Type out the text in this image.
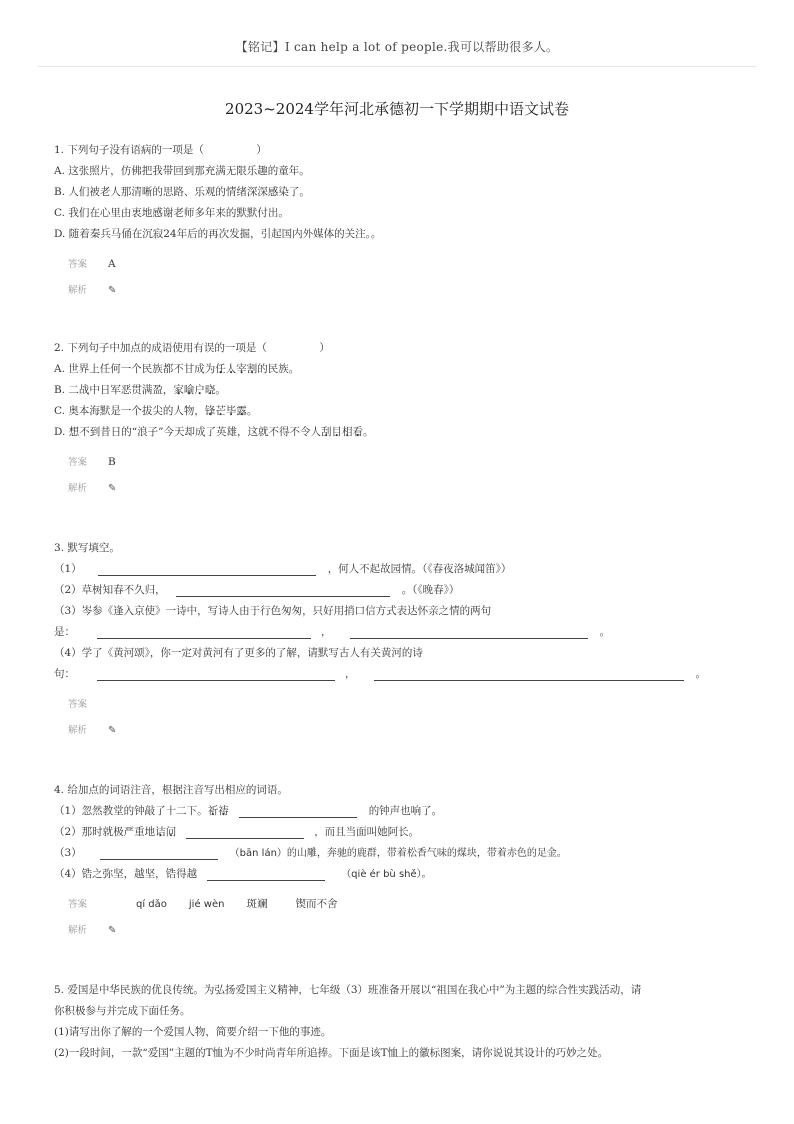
【铭记】I can help a lot of people.我可以帮助很多人。
2023~2024学年河北承德初一下学期期中语文试卷
1. 下列句子没有语病的一项是（　　　　　）
A. 这张照片，仿佛把我带回到那充满无限乐趣的童年。
B. 人们被老人那清晰的思路、乐观的情绪深深感染了。
C. 我们在心里由衷地感谢老师多年来的默默付出。
D. 随着秦兵马俑在沉寂24年后的再次发掘，引起国内外媒体的关注。。
答案 A
解析 ✎
2. 下列句子中加点的成语使用有误的一项是（　　　　　）
A. 世界上任何一个民族都不甘成为任 •人 •宰 •割 •的民族。
B. 二战中日军恶贯满盈，家 •喻 •户 •晓 •。
C. 奥本海默是一个拔尖的人物，锋 •芒 •毕 •露 •。
D. 想不到昔日的“浪子”今天却成了英雄，这就不得不令人刮 •目 •相 •看 •。
答案 B
解析 ✎
3. 默写填空。
（1）	，何人不起故园情。（《春夜洛城闻笛》）
（2）草树知春不久归，	。（《晚春》）
（3）岑参《逢入京使》一诗中，写诗人由于行色匆匆，只好用捎口信方式表达怀亲之情的两句
是：	，	。
（4）学了《黄河颂》，你一定对黄河有了更多的了解，请默写古人有关黄河的诗
句：	，	。
答案
解析 ✎
4. 给加点的词语注音，根据注音写出相应的词语。
（1）忽然教堂的钟敲了十二下。祈 •祷 •	的钟声也响了。
（2）那时就极严重地诘 •问 •	，而且当面叫她阿长。
（3）	（bān lán）的山雕，奔驰的鹿群，带着松香气味的煤块，带着赤色的足金。
（4）锆之弥坚，越坚，锆得越	（qiè ér bù shě）。
答案	qí dǎo jié wèn 斑斓	锲而不舍
解析 ✎
5. 爱国是中华民族的优良传统。为弘扬爱国主义精神，七年级（3）班准备开展以“祖国在我心中”为主题的综合性实践活动，请
你积极参与并完成下面任务。
(1)请写出你了解的一个爱国人物，简要介绍一下他的事迹。
(2)一段时间，一款“爱国”主题的T恤为不少时尚青年所追捧。下面是该T恤上的徽标图案，请你说说其设计的巧妙之处。
